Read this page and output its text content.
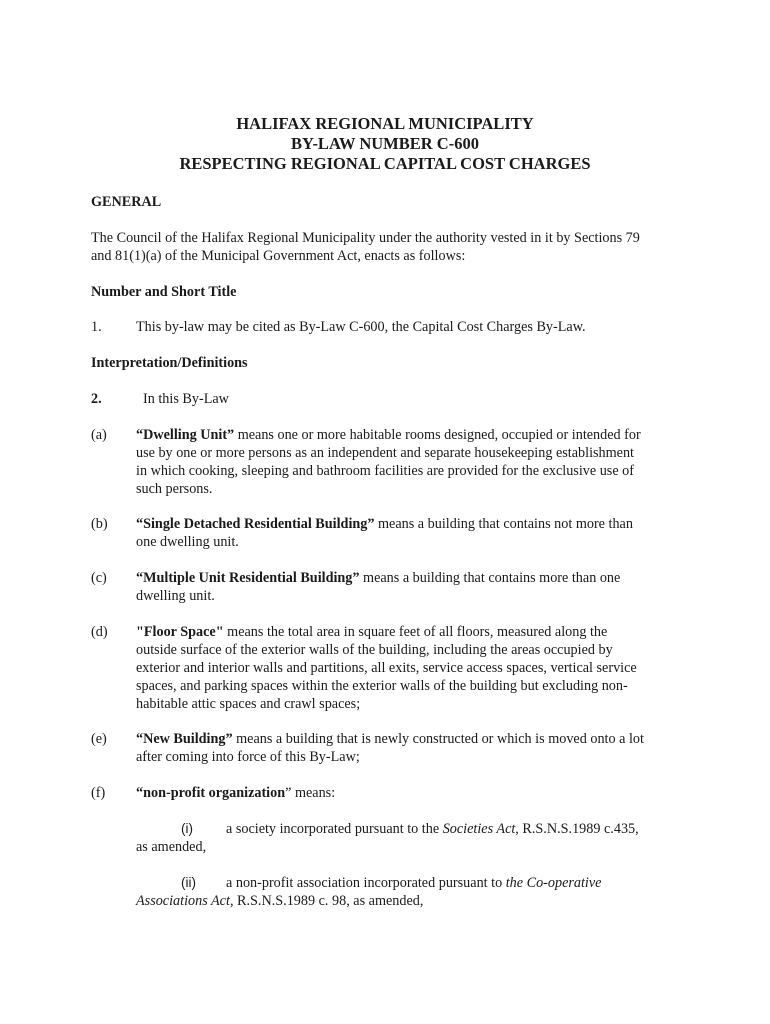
HALIFAX REGIONAL MUNICIPALITY
BY-LAW NUMBER C-600
RESPECTING REGIONAL CAPITAL COST CHARGES
GENERAL
The Council of the Halifax Regional Municipality under the authority vested in it by Sections 79
and 81(1)(a) of the Municipal Government Act, enacts as follows:
Number and Short Title
1. This by-law may be cited as By-Law C-600, the Capital Cost Charges By-Law.
Interpretation/Definitions
2.	In this By-Law
(a) “Dwelling Unit” means one or more habitable rooms designed, occupied or intended for
use by one or more persons as an independent and separate housekeeping establishment
in which cooking, sleeping and bathroom facilities are provided for the exclusive use of
such persons.
(b) “Single Detached Residential Building” means a building that contains not more than
one dwelling unit.
(c) “Multiple Unit Residential Building” means a building that contains more than one
dwelling unit.
(d) "Floor Space" means the total area in square feet of all floors, measured along the
outside surface of the exterior walls of the building, including the areas occupied by
exterior and interior walls and partitions, all exits, service access spaces, vertical service
spaces, and parking spaces within the exterior walls of the building but excluding non-
habitable attic spaces and crawl spaces;
(e) “New Building” means a building that is newly constructed or which is moved onto a lot
after coming into force of this By-Law;
(f) “non-profit organization” means:
(i) a society incorporated pursuant to the Societies Act, R.S.N.S.1989 c.435,
as amended,
(ii) a non-profit association incorporated pursuant to the Co-operative
Associations Act, R.S.N.S.1989 c. 98, as amended,
